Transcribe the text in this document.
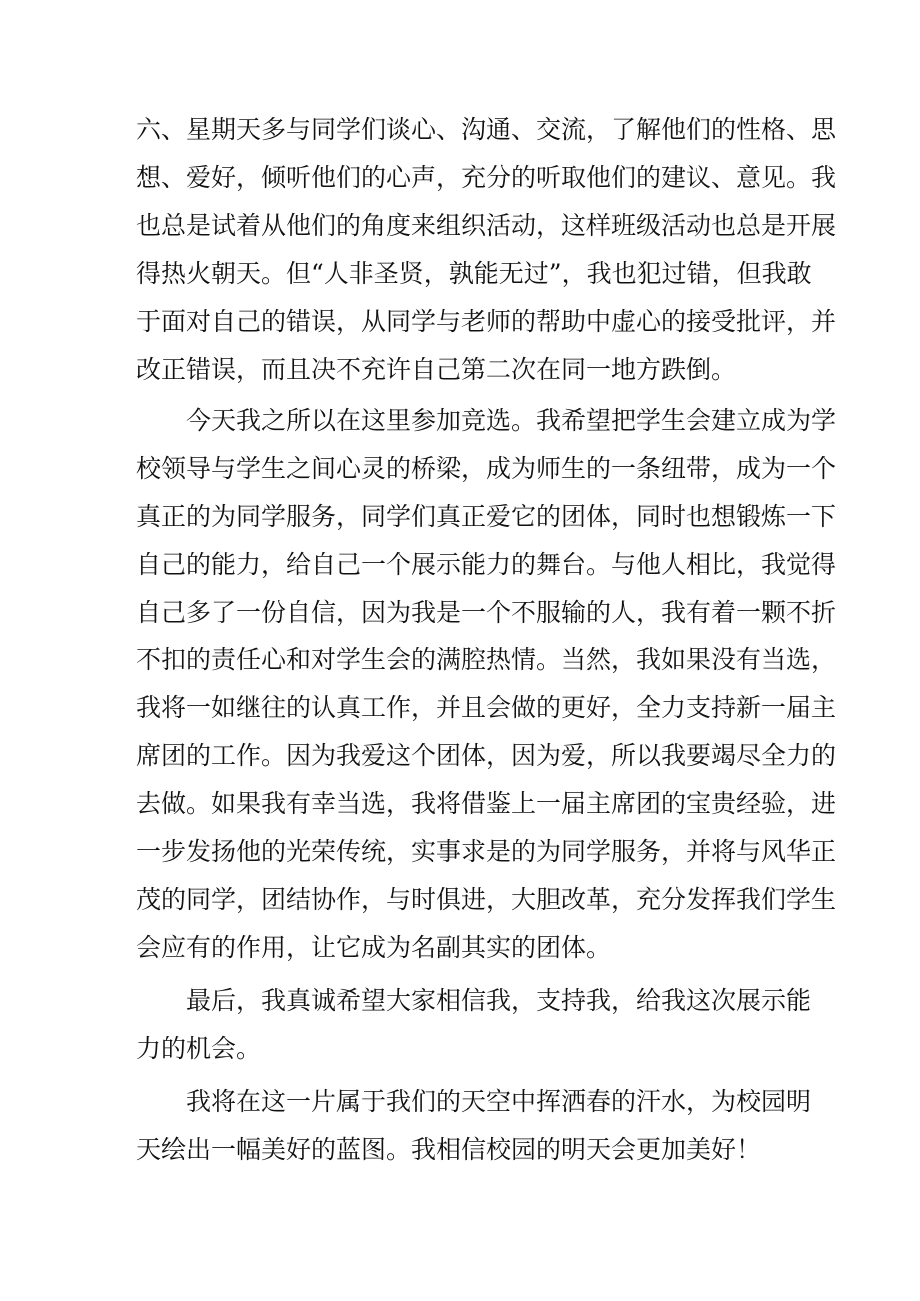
六、星期天多与同学们谈心、沟通、交流，了解他们的性格、思

想、爱好，倾听他们的心声，充分的听取他们的建议、意见。我

也总是试着从他们的角度来组织活动，这样班级活动也总是开展

得热火朝天。但“人非圣贤，孰能无过”，我也犯过错，但我敢

于面对自己的错误，从同学与老师的帮助中虚心的接受批评，并

改正错误，而且决不充许自己第二次在同一地方跌倒。

今天我之所以在这里参加竞选。我希望把学生会建立成为学

校领导与学生之间心灵的桥梁，成为师生的一条纽带，成为一个

真正的为同学服务，同学们真正爱它的团体，同时也想锻炼一下

自己的能力，给自己一个展示能力的舞台。与他人相比，我觉得

自己多了一份自信，因为我是一个不服输的人，我有着一颗不折

不扣的责任心和对学生会的满腔热情。当然，我如果没有当选，

我将一如继往的认真工作，并且会做的更好，全力支持新一届主

席团的工作。因为我爱这个团体，因为爱，所以我要竭尽全力的

去做。如果我有幸当选，我将借鉴上一届主席团的宝贵经验，进

一步发扬他的光荣传统，实事求是的为同学服务，并将与风华正

茂的同学，团结协作，与时俱进，大胆改革，充分发挥我们学生

会应有的作用，让它成为名副其实的团体。

最后，我真诚希望大家相信我，支持我，给我这次展示能

力的机会。

我将在这一片属于我们的天空中挥洒春的汗水，为校园明

天绘出一幅美好的蓝图。我相信校园的明天会更加美好！
